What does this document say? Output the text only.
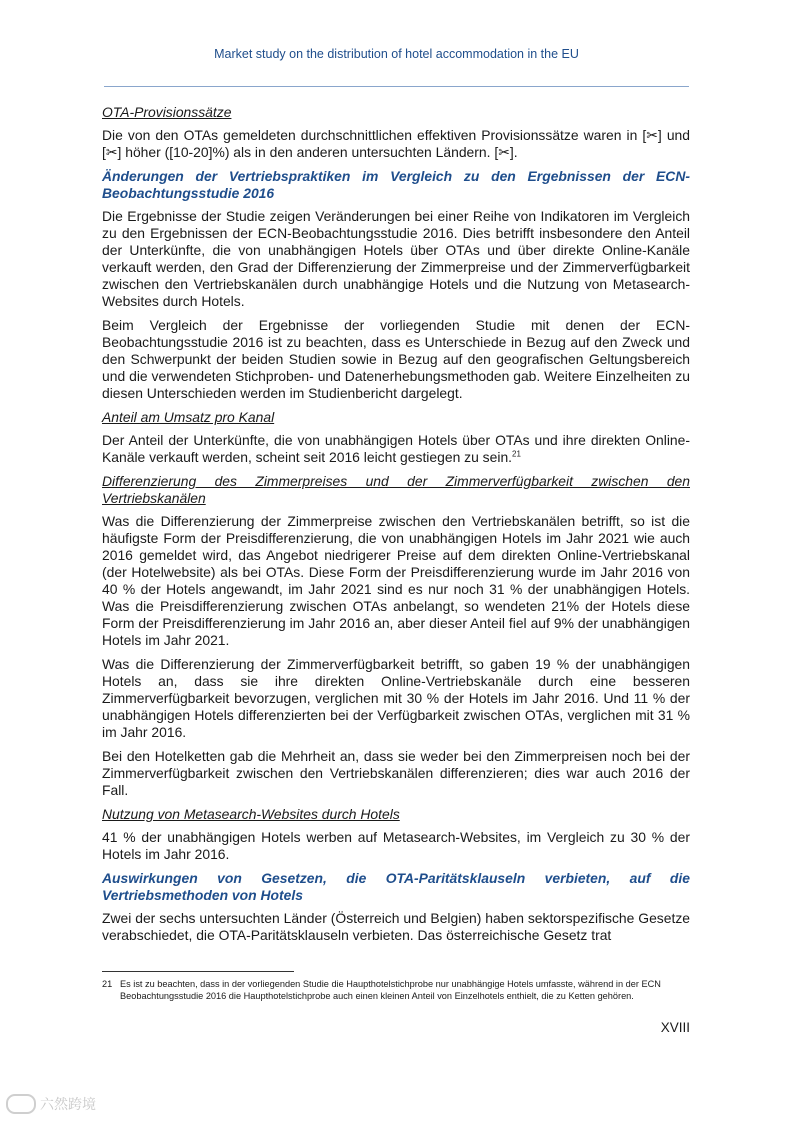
Market study on the distribution of hotel accommodation in the EU

OTA-Provisionssätze

Die von den OTAs gemeldeten durchschnittlichen effektiven Provisionssätze waren in [✂] und [✂] höher ([10-20]%) als in den anderen untersuchten Ländern. [✂].

Änderungen der Vertriebspraktiken im Vergleich zu den Ergebnissen der ECN-Beobachtungsstudie 2016

Die Ergebnisse der Studie zeigen Veränderungen bei einer Reihe von Indikatoren im Vergleich zu den Ergebnissen der ECN-Beobachtungsstudie 2016. Dies betrifft insbesondere den Anteil der Unterkünfte, die von unabhängigen Hotels über OTAs und über direkte Online-Kanäle verkauft werden, den Grad der Differenzierung der Zimmerpreise und der Zimmerverfügbarkeit zwischen den Vertriebskanälen durch unabhängige Hotels und die Nutzung von Metasearch-Websites durch Hotels.

Beim Vergleich der Ergebnisse der vorliegenden Studie mit denen der ECN-Beobachtungsstudie 2016 ist zu beachten, dass es Unterschiede in Bezug auf den Zweck und den Schwerpunkt der beiden Studien sowie in Bezug auf den geografischen Geltungsbereich und die verwendeten Stichproben- und Datenerhebungsmethoden gab. Weitere Einzelheiten zu diesen Unterschieden werden im Studienbericht dargelegt.

Anteil am Umsatz pro Kanal

Der Anteil der Unterkünfte, die von unabhängigen Hotels über OTAs und ihre direkten Online-Kanäle verkauft werden, scheint seit 2016 leicht gestiegen zu sein.$^{21}$

Differenzierung des Zimmerpreises und der Zimmerverfügbarkeit zwischen den Vertriebskanälen

Was die Differenzierung der Zimmerpreise zwischen den Vertriebskanälen betrifft, so ist die häufigste Form der Preisdifferenzierung, die von unabhängigen Hotels im Jahr 2021 wie auch 2016 gemeldet wird, das Angebot niedrigerer Preise auf dem direkten Online-Vertriebskanal (der Hotelwebsite) als bei OTAs. Diese Form der Preisdifferenzierung wurde im Jahr 2016 von 40 % der Hotels angewandt, im Jahr 2021 sind es nur noch 31 % der unabhängigen Hotels. Was die Preisdifferenzierung zwischen OTAs anbelangt, so wendeten 21% der Hotels diese Form der Preisdifferenzierung im Jahr 2016 an, aber dieser Anteil fiel auf 9% der unabhängigen Hotels im Jahr 2021.

Was die Differenzierung der Zimmerverfügbarkeit betrifft, so gaben 19 % der unabhängigen Hotels an, dass sie ihre direkten Online-Vertriebskanäle durch eine besseren Zimmerverfügbarkeit bevorzugen, verglichen mit 30 % der Hotels im Jahr 2016. Und 11 % der unabhängigen Hotels differenzierten bei der Verfügbarkeit zwischen OTAs, verglichen mit 31 % im Jahr 2016.

Bei den Hotelketten gab die Mehrheit an, dass sie weder bei den Zimmerpreisen noch bei der Zimmerverfügbarkeit zwischen den Vertriebskanälen differenzieren; dies war auch 2016 der Fall.

Nutzung von Metasearch-Websites durch Hotels

41 % der unabhängigen Hotels werben auf Metasearch-Websites, im Vergleich zu 30 % der Hotels im Jahr 2016.

Auswirkungen von Gesetzen, die OTA-Paritätsklauseln verbieten, auf die Vertriebsmethoden von Hotels

Zwei der sechs untersuchten Länder (Österreich und Belgien) haben sektorspezifische Gesetze verabschiedet, die OTA-Paritätsklauseln verbieten. Das österreichische Gesetz trat

21 Es ist zu beachten, dass in der vorliegenden Studie die Haupthotelstichprobe nur unabhängige Hotels umfasste, während in der ECN Beobachtungsstudie 2016 die Haupthotelstichprobe auch einen kleinen Anteil von Einzelhotels enthielt, die zu Ketten gehören.
XVIII
六然跨境
